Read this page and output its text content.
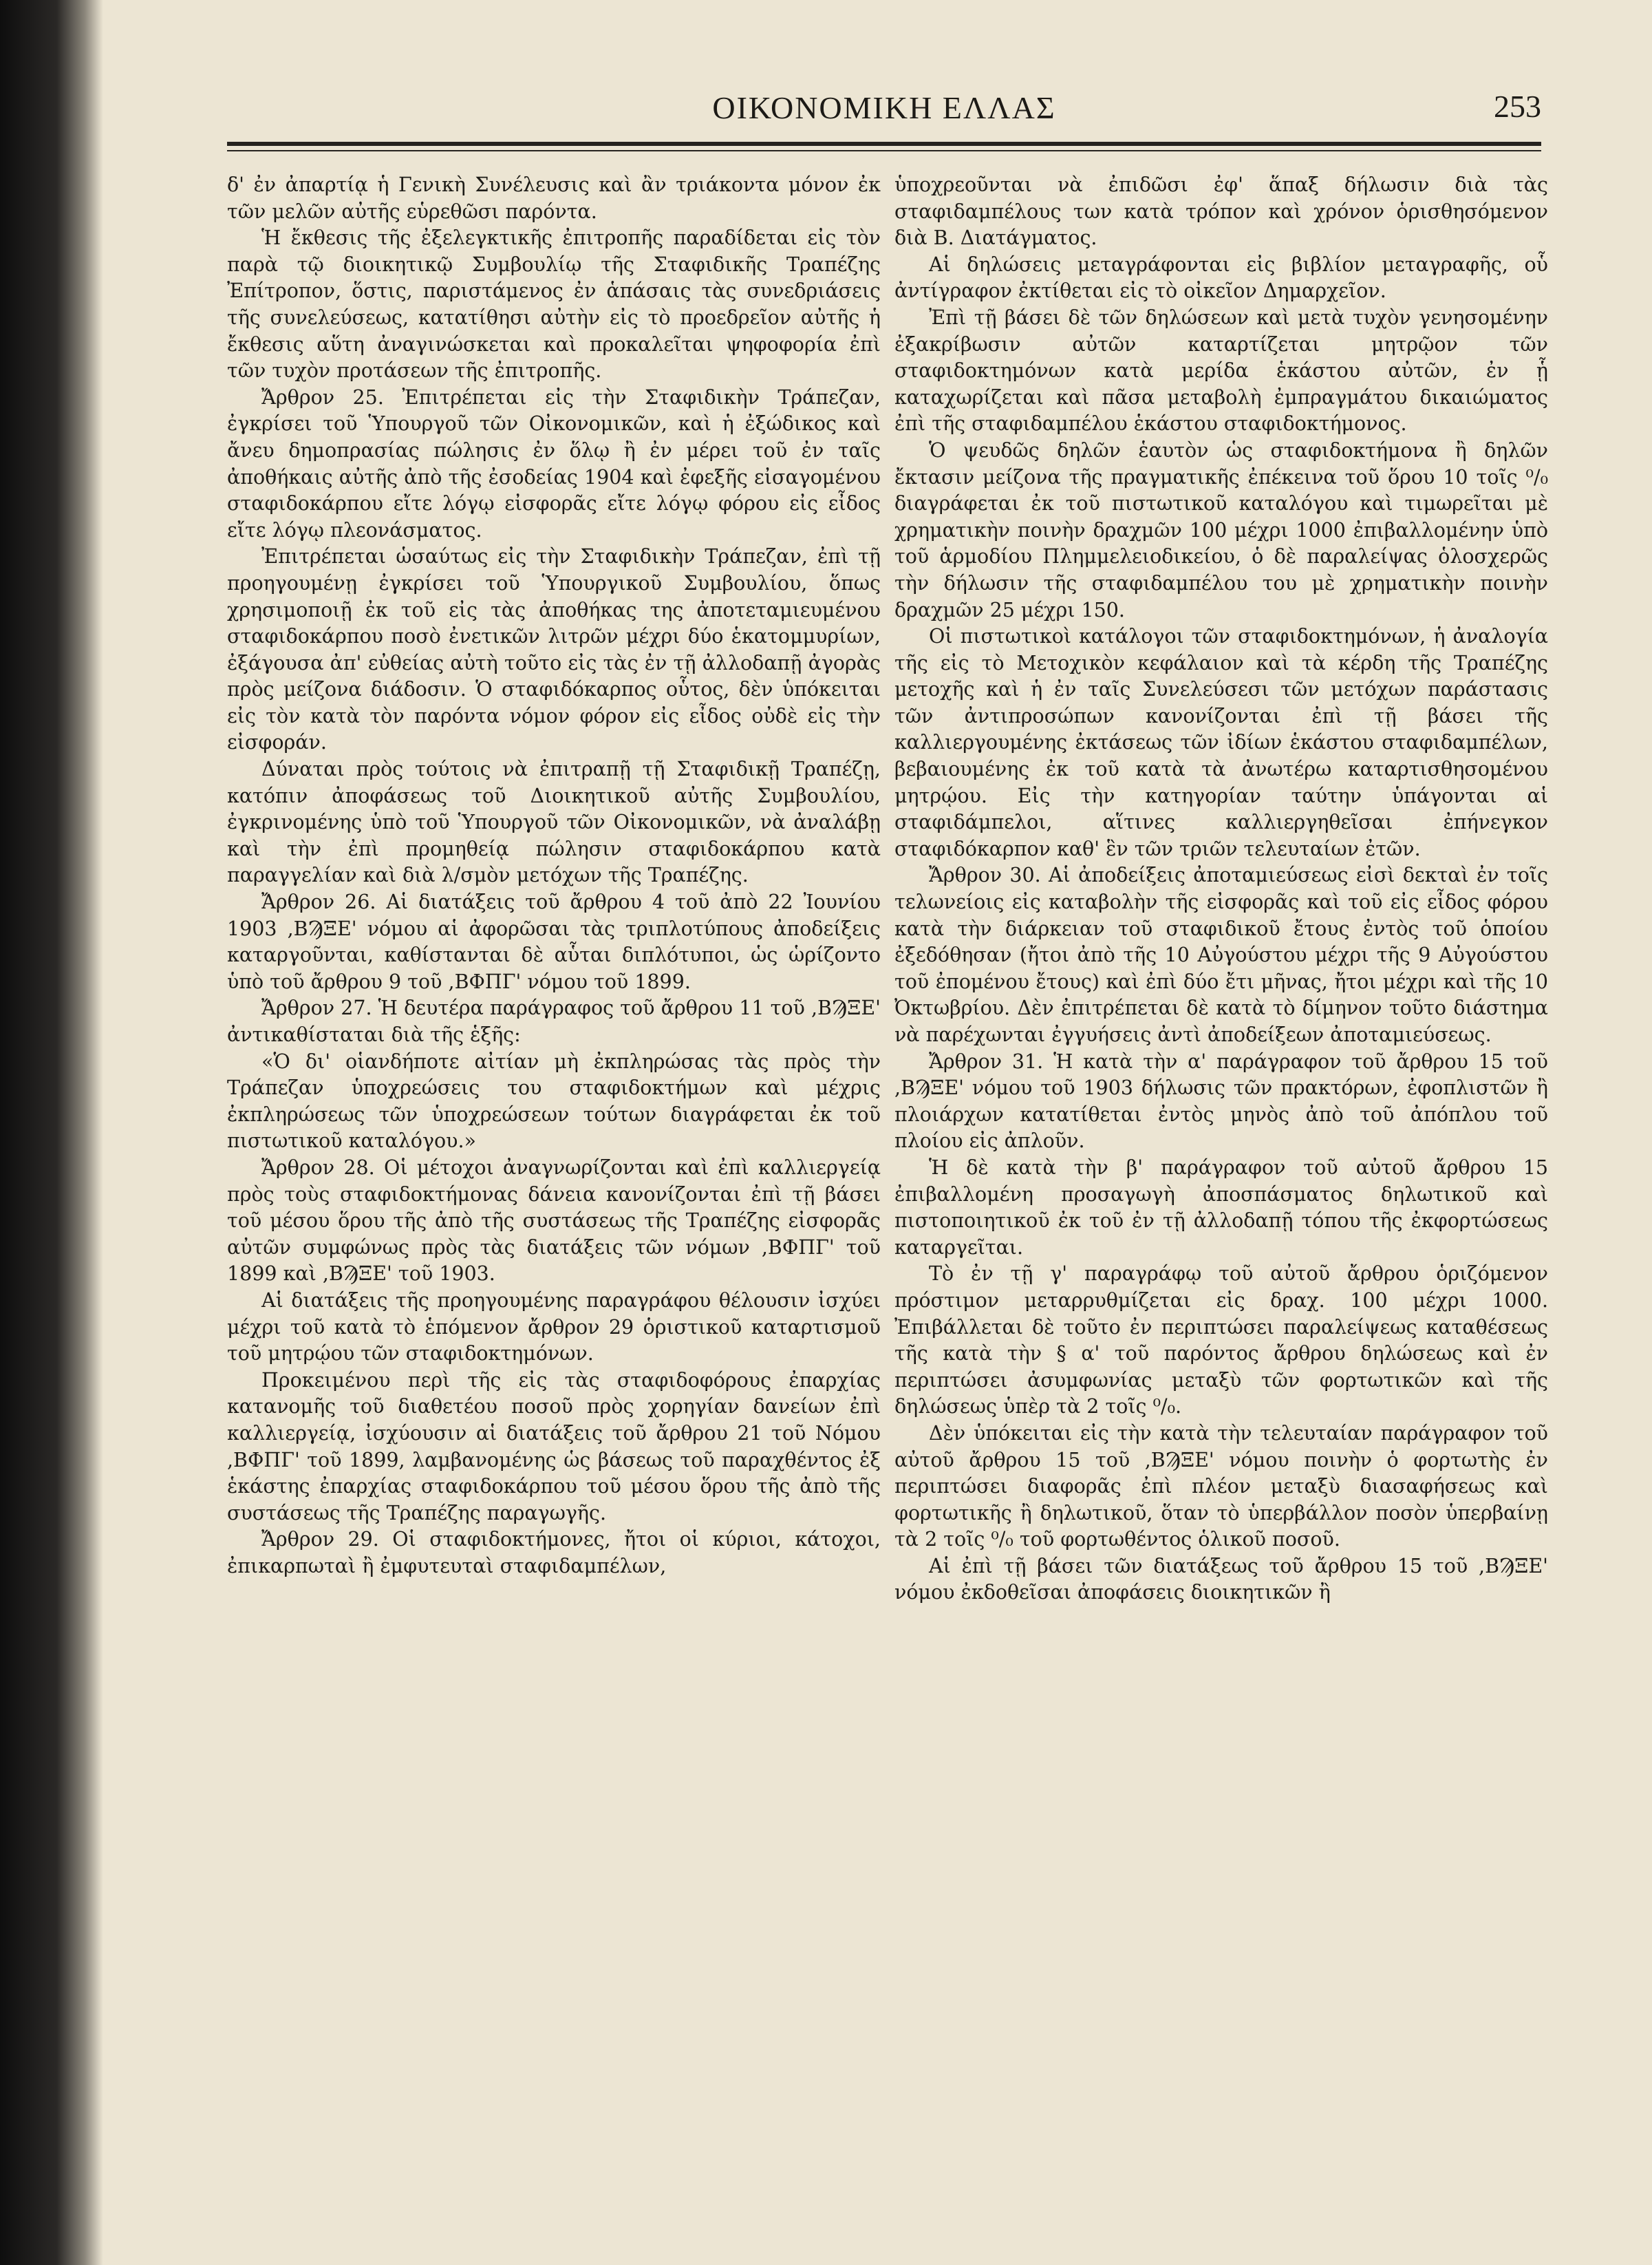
ΟΙΚΟΝΟΜΙΚΗ ΕΛΛΑΣ	253

δ' ἐν ἀπαρτίᾳ ἡ Γενικὴ Συνέλευσις καὶ ἂν τριάκοντα μόνον ἐκ τῶν μελῶν αὐτῆς εὑρεθῶσι παρόντα.

Ἡ ἔκθεσις τῆς ἐξελεγκτικῆς ἐπιτροπῆς παραδίδεται εἰς τὸν παρὰ τῷ διοικητικῷ Συμβουλίῳ τῆς Σταφιδικῆς Τραπέζης Ἐπίτροπον, ὅστις, παριστάμενος ἐν ἁπάσαις τὰς συνεδριάσεις τῆς συνελεύσεως, κατατίθησι αὐτὴν εἰς τὸ προεδρεῖον αὐτῆς ἡ ἔκθεσις αὕτη ἀναγινώσκεται καὶ προκαλεῖται ψηφοφορία ἐπὶ τῶν τυχὸν προτάσεων τῆς ἐπιτροπῆς.

Ἄρθρον 25. Ἐπιτρέπεται εἰς τὴν Σταφιδικὴν Τράπεζαν, ἐγκρίσει τοῦ Ὑπουργοῦ τῶν Οἰκονομικῶν, καὶ ἡ ἐξώδικος καὶ ἄνευ δημοπρασίας πώλησις ἐν ὅλῳ ἢ ἐν μέρει τοῦ ἐν ταῖς ἀποθήκαις αὐτῆς ἀπὸ τῆς ἐσοδείας 1904 καὶ ἐφεξῆς εἰσαγομένου σταφιδοκάρπου εἴτε λόγῳ εἰσφορᾶς εἴτε λόγῳ φόρου εἰς εἶδος εἴτε λόγῳ πλεονάσματος.

Ἐπιτρέπεται ὡσαύτως εἰς τὴν Σταφιδικὴν Τράπεζαν, ἐπὶ τῇ προηγουμένῃ ἐγκρίσει τοῦ Ὑπουργικοῦ Συμβουλίου, ὅπως χρησιμοποιῇ ἐκ τοῦ εἰς τὰς ἀποθήκας της ἀποτεταμιευμένου σταφιδοκάρπου ποσὸ ἐνετικῶν λιτρῶν μέχρι δύο ἑκατομμυρίων, ἐξάγουσα ἀπ' εὐθείας αὐτὴ τοῦτο εἰς τὰς ἐν τῇ ἀλλοδαπῇ ἀγορὰς πρὸς μείζονα διάδοσιν. Ὁ σταφιδόκαρπος οὗτος, δὲν ὑπόκειται εἰς τὸν κατὰ τὸν παρόντα νόμον φόρον εἰς εἶδος οὐδὲ εἰς τὴν εἰσφοράν.

Δύναται πρὸς τούτοις νὰ ἐπιτραπῇ τῇ Σταφιδικῇ Τραπέζῃ, κατόπιν ἀποφάσεως τοῦ Διοικητικοῦ αὐτῆς Συμβουλίου, ἐγκρινομένης ὑπὸ τοῦ Ὑπουργοῦ τῶν Οἰκονομικῶν, νὰ ἀναλάβῃ καὶ τὴν ἐπὶ προμηθείᾳ πώλησιν σταφιδοκάρπου κατὰ παραγγελίαν καὶ διὰ λ/σμὸν μετόχων τῆς Τραπέζης.

Ἄρθρον 26. Αἱ διατάξεις τοῦ ἄρθρου 4 τοῦ ἀπὸ 22 Ἰουνίου 1903 ,ΒϠΞΕ' νόμου αἱ ἀφορῶσαι τὰς τριπλοτύπους ἀποδείξεις καταργοῦνται, καθίστανται δὲ αὗται διπλότυποι, ὡς ὡρίζοντο ὑπὸ τοῦ ἄρθρου 9 τοῦ ,ΒΦΠΓ' νόμου τοῦ 1899.

Ἄρθρον 27. Ἡ δευτέρα παράγραφος τοῦ ἄρθρου 11 τοῦ ,ΒϠΞΕ' ἀντικαθίσταται διὰ τῆς ἑξῆς:

«Ὁ δι' οἱανδήποτε αἰτίαν μὴ ἐκπληρώσας τὰς πρὸς τὴν Τράπεζαν ὑποχρεώσεις του σταφιδοκτήμων καὶ μέχρις ἐκπληρώσεως τῶν ὑποχρεώσεων τούτων διαγράφεται ἐκ τοῦ πιστωτικοῦ καταλόγου.»

Ἄρθρον 28. Οἱ μέτοχοι ἀναγνωρίζονται καὶ ἐπὶ καλλιεργείᾳ πρὸς τοὺς σταφιδοκτήμονας δάνεια κανονίζονται ἐπὶ τῇ βάσει τοῦ μέσου ὅρου τῆς ἀπὸ τῆς συστάσεως τῆς Τραπέζης εἰσφορᾶς αὐτῶν συμφώνως πρὸς τὰς διατάξεις τῶν νόμων ,ΒΦΠΓ' τοῦ 1899 καὶ ,ΒϠΞΕ' τοῦ 1903.

Αἱ διατάξεις τῆς προηγουμένης παραγράφου θέλουσιν ἰσχύει μέχρι τοῦ κατὰ τὸ ἑπόμενον ἄρθρον 29 ὁριστικοῦ καταρτισμοῦ τοῦ μητρῴου τῶν σταφιδοκτημόνων.

Προκειμένου περὶ τῆς εἰς τὰς σταφιδοφόρους ἐπαρχίας κατανομῆς τοῦ διαθετέου ποσοῦ πρὸς χορηγίαν δανείων ἐπὶ καλλιεργείᾳ, ἰσχύουσιν αἱ διατάξεις τοῦ ἄρθρου 21 τοῦ Νόμου ,ΒΦΠΓ' τοῦ 1899, λαμβανομένης ὡς βάσεως τοῦ παραχθέντος ἐξ ἑκάστης ἐπαρχίας σταφιδοκάρπου τοῦ μέσου ὅρου τῆς ἀπὸ τῆς συστάσεως τῆς Τραπέζης παραγωγῆς.

Ἄρθρον 29. Οἱ σταφιδοκτήμονες, ἤτοι οἱ κύριοι, κάτοχοι, ἐπικαρπωταὶ ἢ ἐμφυτευταὶ σταφιδαμπέλων,

ὑποχρεοῦνται νὰ ἐπιδῶσι ἐφ' ἅπαξ δήλωσιν διὰ τὰς σταφιδαμπέλους των κατὰ τρόπον καὶ χρόνον ὁρισθησόμενον διὰ Β. Διατάγματος.

Αἱ δηλώσεις μεταγράφονται εἰς βιβλίον μεταγραφῆς, οὗ ἀντίγραφον ἐκτίθεται εἰς τὸ οἰκεῖον Δημαρχεῖον.

Ἐπὶ τῇ βάσει δὲ τῶν δηλώσεων καὶ μετὰ τυχὸν γενησομένην ἐξακρίβωσιν αὐτῶν καταρτίζεται μητρῷον τῶν σταφιδοκτημόνων κατὰ μερίδα ἑκάστου αὐτῶν, ἐν ᾗ καταχωρίζεται καὶ πᾶσα μεταβολὴ ἐμπραγμάτου δικαιώματος ἐπὶ τῆς σταφιδαμπέλου ἑκάστου σταφιδοκτήμονος.

Ὁ ψευδῶς δηλῶν ἑαυτὸν ὡς σταφιδοκτήμονα ἢ δηλῶν ἔκτασιν μείζονα τῆς πραγματικῆς ἐπέκεινα τοῦ ὅρου 10 τοῖς ⁰/₀ διαγράφεται ἐκ τοῦ πιστωτικοῦ καταλόγου καὶ τιμωρεῖται μὲ χρηματικὴν ποινὴν δραχμῶν 100 μέχρι 1000 ἐπιβαλλομένην ὑπὸ τοῦ ἁρμοδίου Πλημμελειοδικείου, ὁ δὲ παραλείψας ὁλοσχερῶς τὴν δήλωσιν τῆς σταφιδαμπέλου του μὲ χρηματικὴν ποινὴν δραχμῶν 25 μέχρι 150.

Οἱ πιστωτικοὶ κατάλογοι τῶν σταφιδοκτημόνων, ἡ ἀναλογία τῆς εἰς τὸ Μετοχικὸν κεφάλαιον καὶ τὰ κέρδη τῆς Τραπέζης μετοχῆς καὶ ἡ ἐν ταῖς Συνελεύσεσι τῶν μετόχων παράστασις τῶν ἀντιπροσώπων κανονίζονται ἐπὶ τῇ βάσει τῆς καλλιεργουμένης ἐκτάσεως τῶν ἰδίων ἑκάστου σταφιδαμπέλων, βεβαιουμένης ἐκ τοῦ κατὰ τὰ ἀνωτέρω καταρτισθησομένου μητρῴου. Εἰς τὴν κατηγορίαν ταύτην ὑπάγονται αἱ σταφιδάμπελοι, αἵτινες καλλιεργηθεῖσαι ἐπήνεγκον σταφιδόκαρπον καθ' ἓν τῶν τριῶν τελευταίων ἐτῶν.

Ἄρθρον 30. Αἱ ἀποδείξεις ἀποταμιεύσεως εἰσὶ δεκταὶ ἐν τοῖς τελωνείοις εἰς καταβολὴν τῆς εἰσφορᾶς καὶ τοῦ εἰς εἶδος φόρου κατὰ τὴν διάρκειαν τοῦ σταφιδικοῦ ἔτους ἐντὸς τοῦ ὁποίου ἐξεδόθησαν (ἤτοι ἀπὸ τῆς 10 Αὐγούστου μέχρι τῆς 9 Αὐγούστου τοῦ ἐπομένου ἔτους) καὶ ἐπὶ δύο ἔτι μῆνας, ἤτοι μέχρι καὶ τῆς 10 Ὀκτωβρίου. Δὲν ἐπιτρέπεται δὲ κατὰ τὸ δίμηνον τοῦτο διάστημα νὰ παρέχωνται ἐγγυήσεις ἀντὶ ἀποδείξεων ἀποταμιεύσεως.

Ἄρθρον 31. Ἡ κατὰ τὴν α' παράγραφον τοῦ ἄρθρου 15 τοῦ ,ΒϠΞΕ' νόμου τοῦ 1903 δήλωσις τῶν πρακτόρων, ἐφοπλιστῶν ἢ πλοιάρχων κατατίθεται ἐντὸς μηνὸς ἀπὸ τοῦ ἀπόπλου τοῦ πλοίου εἰς ἀπλοῦν.

Ἡ δὲ κατὰ τὴν β' παράγραφον τοῦ αὐτοῦ ἄρθρου 15 ἐπιβαλλομένη προσαγωγὴ ἀποσπάσματος δηλωτικοῦ καὶ πιστοποιητικοῦ ἐκ τοῦ ἐν τῇ ἀλλοδαπῇ τόπου τῆς ἐκφορτώσεως καταργεῖται.

Τὸ ἐν τῇ γ' παραγράφῳ τοῦ αὐτοῦ ἄρθρου ὁριζόμενον πρόστιμον μεταρρυθμίζεται εἰς δραχ. 100 μέχρι 1000. Ἐπιβάλλεται δὲ τοῦτο ἐν περιπτώσει παραλείψεως καταθέσεως τῆς κατὰ τὴν § α' τοῦ παρόντος ἄρθρου δηλώσεως καὶ ἐν περιπτώσει ἀσυμφωνίας μεταξὺ τῶν φορτωτικῶν καὶ τῆς δηλώσεως ὑπὲρ τὰ 2 τοῖς ⁰/₀.

Δὲν ὑπόκειται εἰς τὴν κατὰ τὴν τελευταίαν παράγραφον τοῦ αὐτοῦ ἄρθρου 15 τοῦ ,ΒϠΞΕ' νόμου ποινὴν ὁ φορτωτὴς ἐν περιπτώσει διαφορᾶς ἐπὶ πλέον μεταξὺ διασαφήσεως καὶ φορτωτικῆς ἢ δηλωτικοῦ, ὅταν τὸ ὑπερβάλλον ποσὸν ὑπερβαίνῃ τὰ 2 τοῖς ⁰/₀ τοῦ φορτωθέντος ὁλικοῦ ποσοῦ.

Αἱ ἐπὶ τῇ βάσει τῶν διατάξεως τοῦ ἄρθρου 15 τοῦ ,ΒϠΞΕ' νόμου ἐκδοθεῖσαι ἀποφάσεις διοικητικῶν ἢ
